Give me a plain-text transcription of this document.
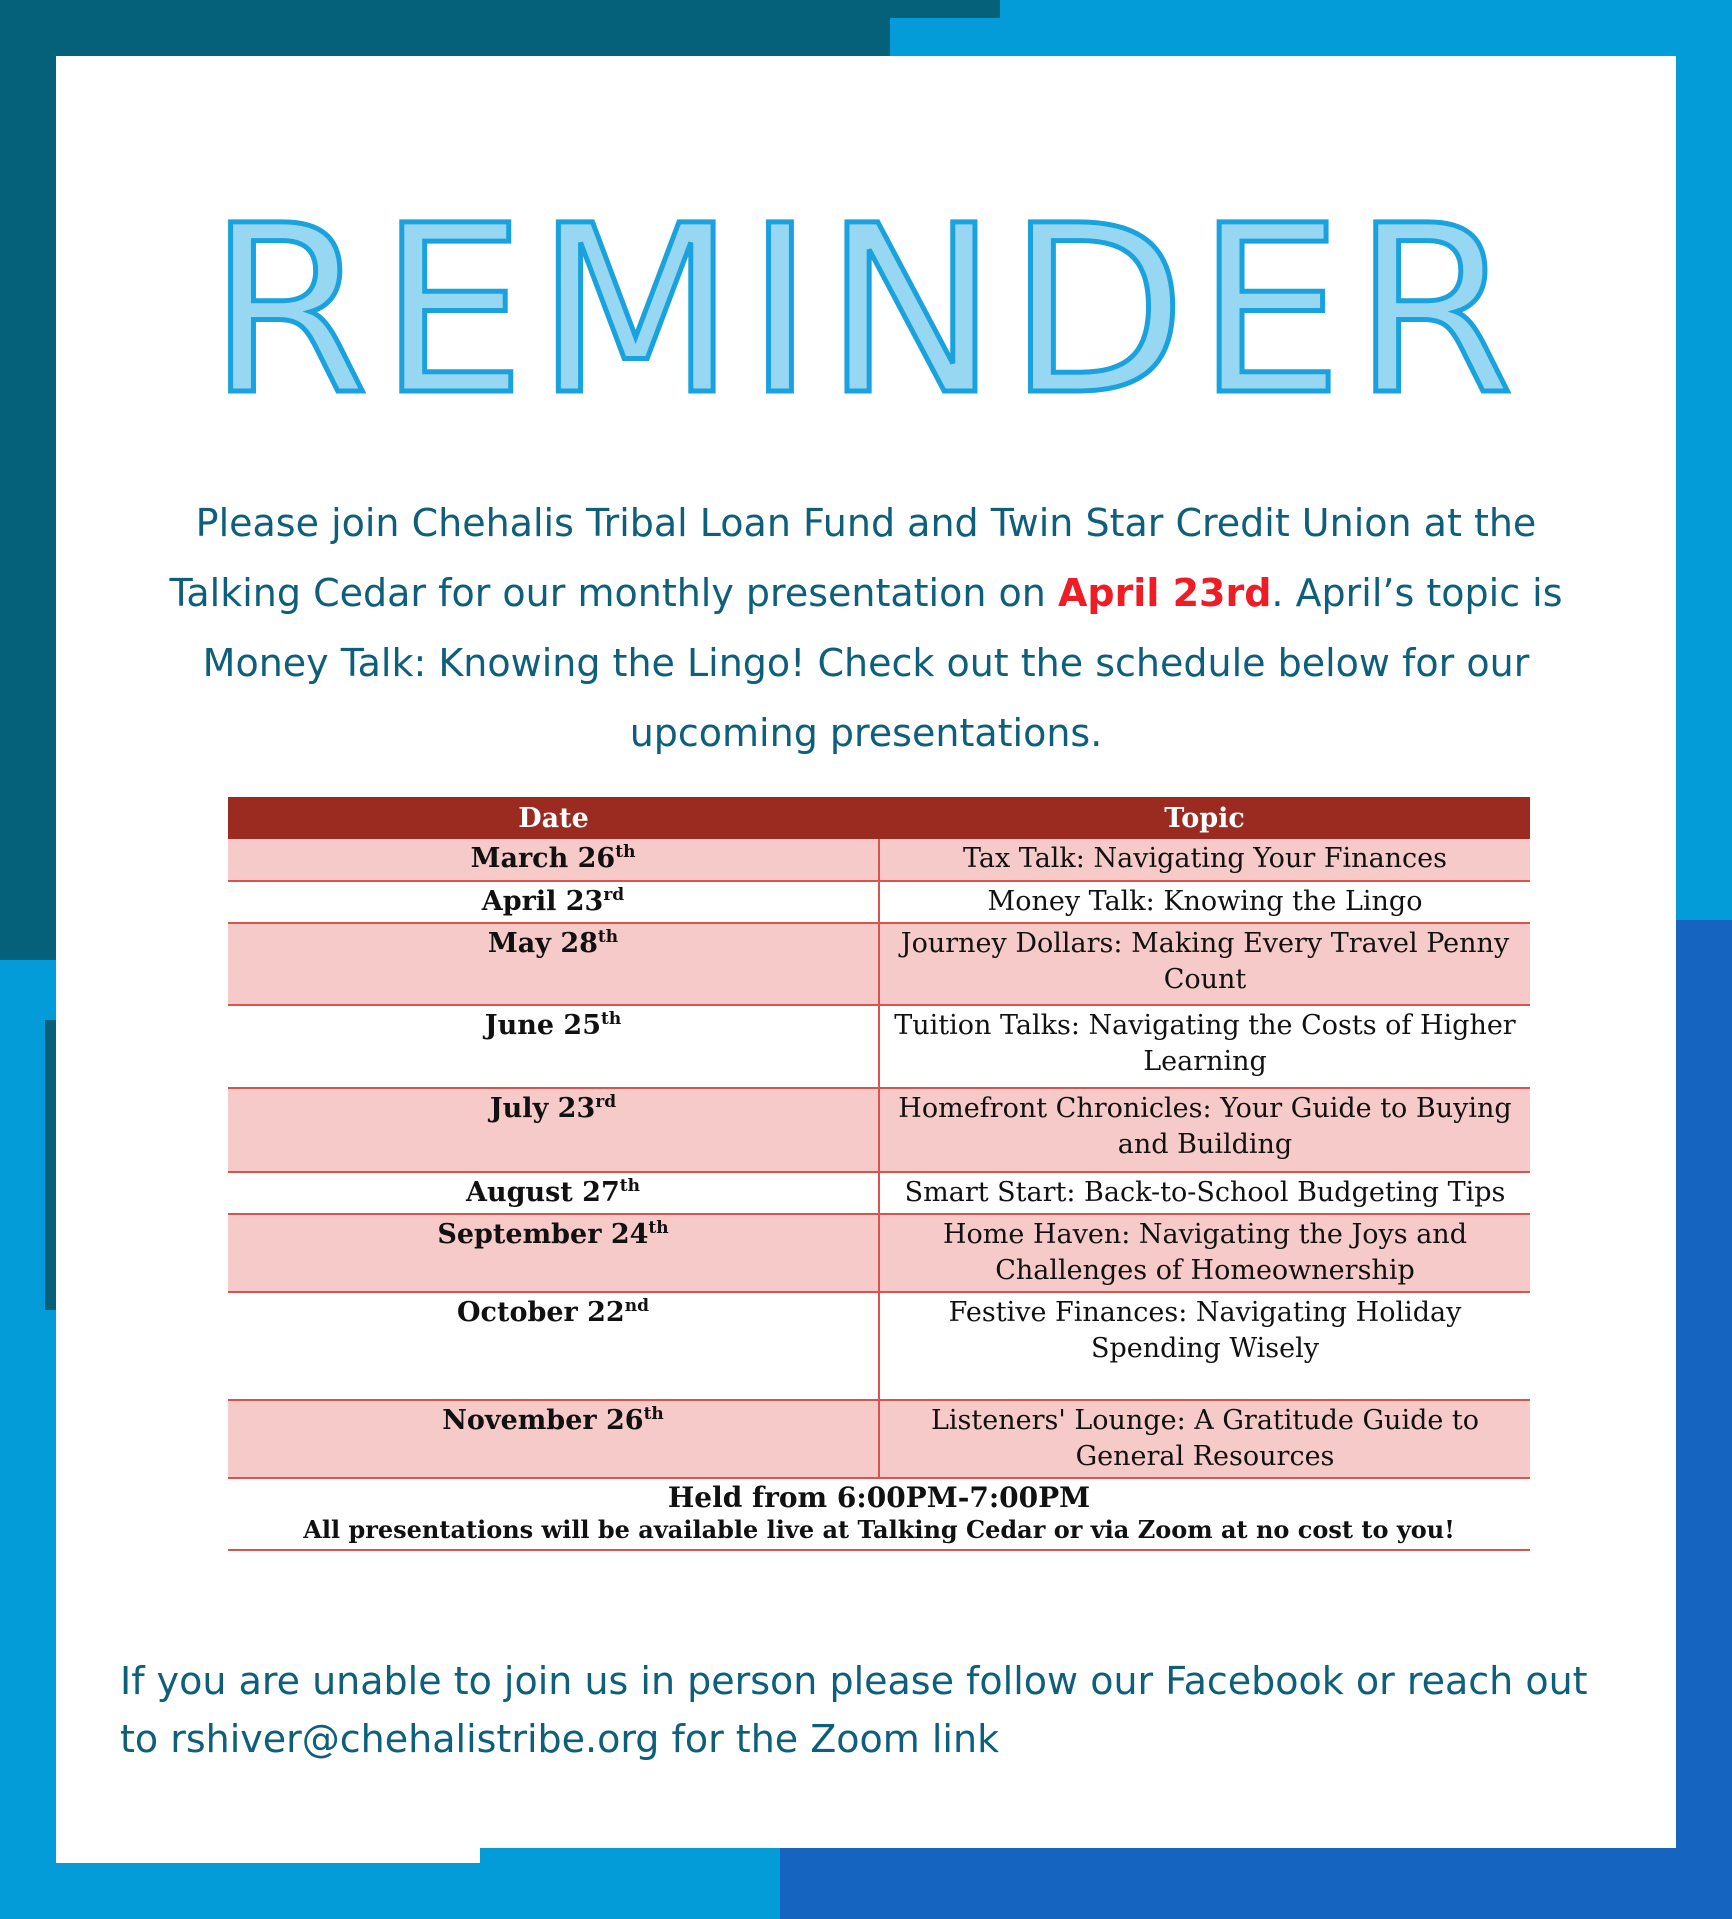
REMINDER
Please join Chehalis Tribal Loan Fund and Twin Star Credit Union at the Talking Cedar for our monthly presentation on April 23rd. April’s topic is Money Talk: Knowing the Lingo! Check out the schedule below for our upcoming presentations.
Date	Topic
March 26th	Tax Talk: Navigating Your Finances
April 23rd	Money Talk: Knowing the Lingo
May 28th	Journey Dollars: Making Every Travel Penny Count
June 25th	Tuition Talks: Navigating the Costs of Higher Learning
July 23rd	Homefront Chronicles: Your Guide to Buying and Building
August 27th	Smart Start: Back-to-School Budgeting Tips
September 24th	Home Haven: Navigating the Joys and Challenges of Homeownership
October 22nd	Festive Finances: Navigating Holiday Spending Wisely
November 26th	Listeners' Lounge: A Gratitude Guide to General Resources

Held from 6:00PM-7:00PM
All presentations will be available live at Talking Cedar or via Zoom at no cost to you!	
If you are unable to join us in person please follow our Facebook or reach out to rshiver@chehalistribe.org for the Zoom link
